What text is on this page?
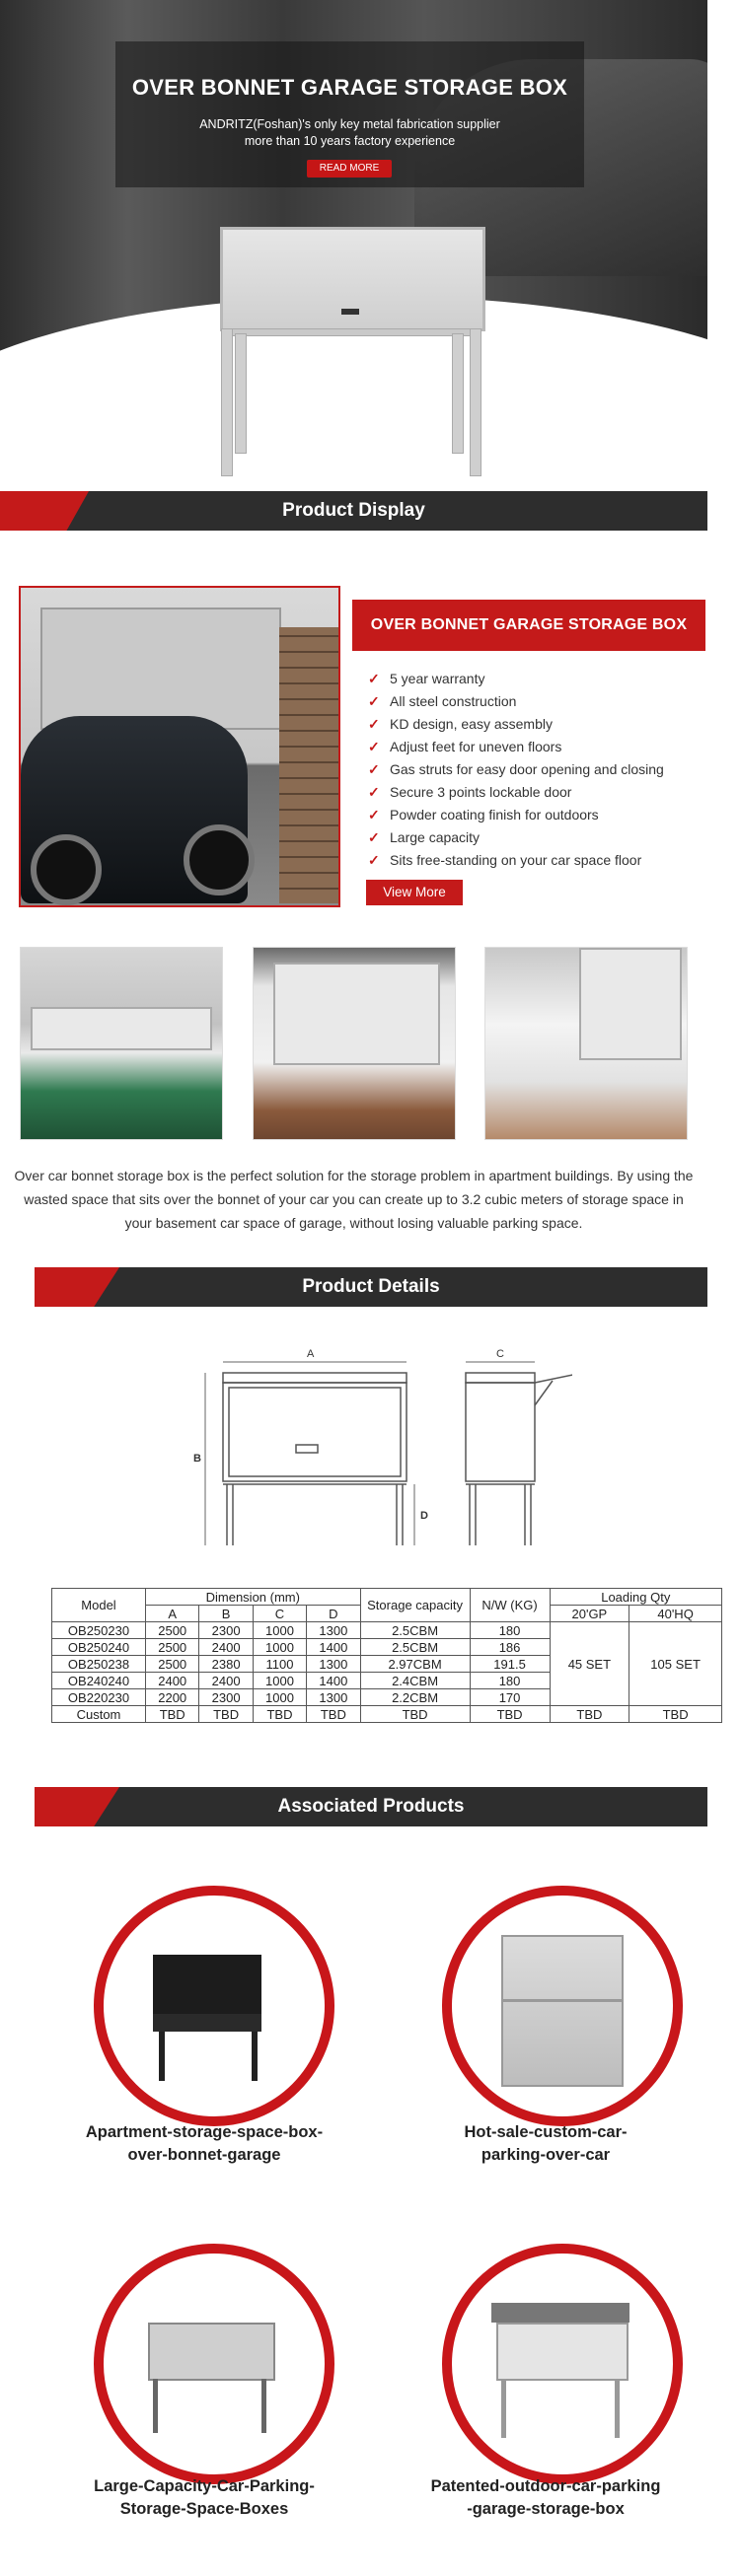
OVER BONNET GARAGE STORAGE BOX
ANDRITZ(Foshan)'s only key metal fabrication supplier
more than 10 years factory experience
READ MORE
Product Display
OVER BONNET GARAGE STORAGE BOX
✓ 5 year warranty
✓ All steel construction
✓ KD design, easy assembly
✓ Adjust feet for uneven floors
✓ Gas struts for easy door opening and closing
✓ Secure 3 points lockable door
✓ Powder coating finish for outdoors
✓ Large capacity
✓ Sits free-standing on your car space floor
View More
Over car bonnet storage box is the perfect solution for the storage problem in apartment buildings. By using the wasted space that sits over the bonnet of your car you can create up to 3.2 cubic meters of storage space in your basement car space of garage, without losing valuable parking space.
Product Details
A
B
C
D
Model	Dimension (mm)				Storage capacity	N/W (KG)	Loading Qty	
	A	B	C	D			20'GP	40'HQ
OB250230	2500	2300	1000	1300	2.5CBM	180	45 SET	105 SET
OB250240	2500	2400	1000	1400	2.5CBM	186		
OB250238	2500	2380	1100	1300	2.97CBM	191.5		
OB240240	2400	2400	1000	1400	2.4CBM	180		
OB220230	2200	2300	1000	1300	2.2CBM	170		
Custom	TBD	TBD	TBD	TBD	TBD	TBD	TBD	TBD
Associated Products
Apartment-storage-space-box-
over-bonnet-garage
Hot-sale-custom-car-
parking-over-car
Large-Capacity-Car-Parking-
Storage-Space-Boxes
Patented-outdoor-car-parking
-garage-storage-box
